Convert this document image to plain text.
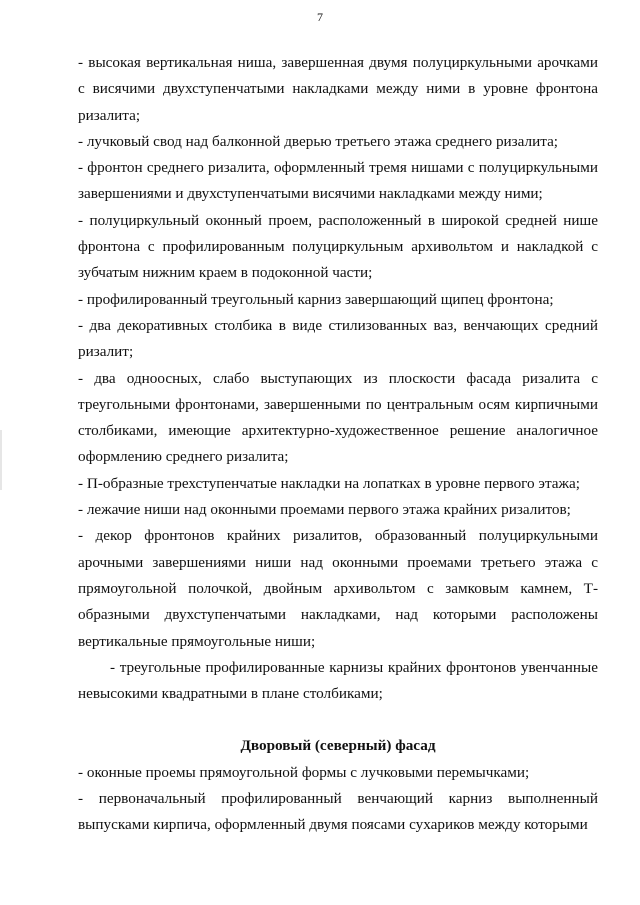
7

- высокая вертикальная ниша, завершенная двумя полуциркульными арочками с висячими двухступенчатыми накладками между ними в уровне фронтона ризалита;

- лучковый свод над балконной дверью третьего этажа среднего ризалита;

- фронтон среднего ризалита, оформленный тремя нишами с полуциркульными завершениями и двухступенчатыми висячими накладками между ними;

- полуциркульный оконный проем, расположенный в широкой средней нише фронтона с профилированным полуциркульным архивольтом и накладкой с зубчатым нижним краем в подоконной части;

- профилированный треугольный карниз завершающий щипец фронтона;

- два декоративных столбика в виде стилизованных ваз, венчающих средний ризалит;

- два одноосных, слабо выступающих из плоскости фасада ризалита с треугольными фронтонами, завершенными по центральным осям кирпичными столбиками, имеющие архитектурно-художественное решение аналогичное оформлению среднего ризалита;

- П-образные трехступенчатые накладки на лопатках в уровне первого этажа;

- лежачие ниши над оконными проемами первого этажа крайних ризалитов;

- декор фронтонов крайних ризалитов, образованный полуциркульными арочными завершениями ниши над оконными проемами третьего этажа с прямоугольной полочкой, двойным архивольтом с замковым камнем, Т-образными двухступенчатыми накладками, над которыми расположены вертикальные прямоугольные ниши;

- треугольные профилированные карнизы крайних фронтонов увенчанные невысокими квадратными в плане столбиками;

Дворовый (северный) фасад

- оконные проемы прямоугольной формы с лучковыми перемычками;

- первоначальный профилированный венчающий карниз выполненный выпусками кирпича, оформленный двумя поясами сухариков между которыми
